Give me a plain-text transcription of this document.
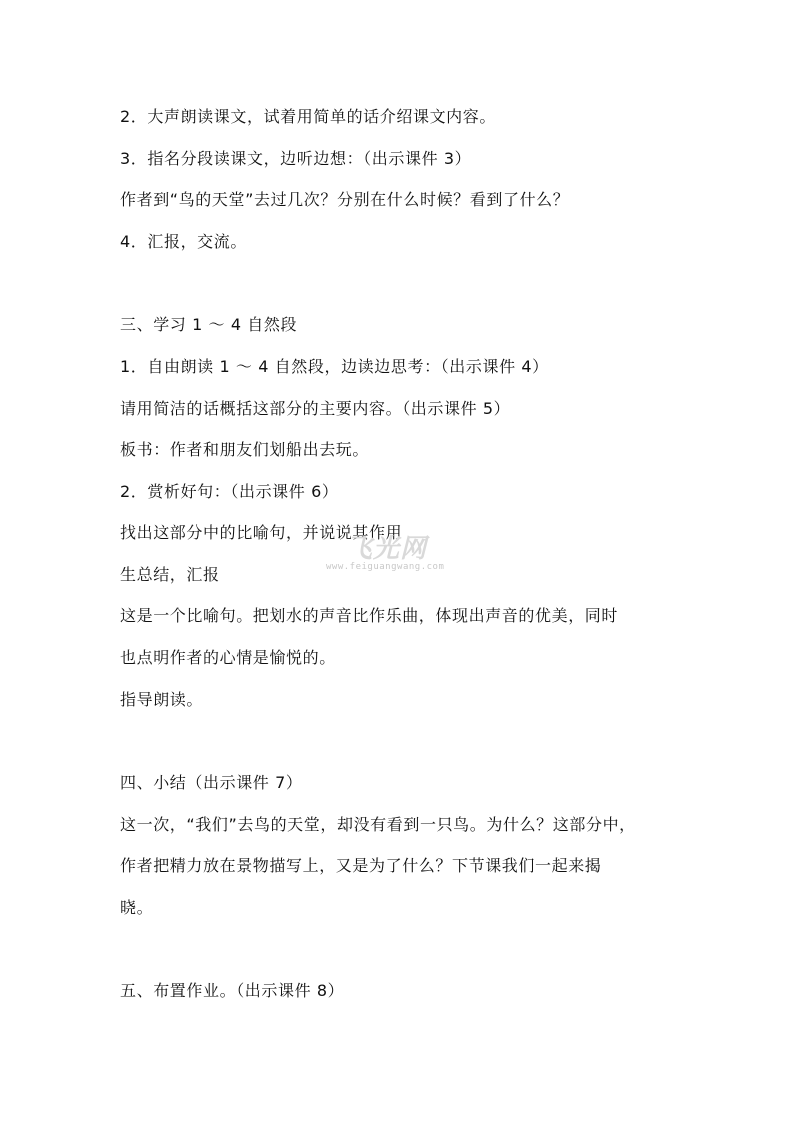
2．大声朗读课文，试着用简单的话介绍课文内容。
3．指名分段读课文，边听边想：（出示课件 3）
作者到“鸟的天堂”去过几次？分别在什么时候？看到了什么？
4．汇报，交流。
三、学习 1 ～ 4 自然段
1．自由朗读 1 ～ 4 自然段，边读边思考：（出示课件 4）
请用简洁的话概括这部分的主要内容。（出示课件 5）
板书：作者和朋友们划船出去玩。
2．赏析好句：（出示课件 6）
找出这部分中的比喻句，并说说其作用
生总结，汇报
这是一个比喻句。把划水的声音比作乐曲，体现出声音的优美，同时
也点明作者的心情是愉悦的。
指导朗读。
四、小结（出示课件 7）
这一次，“我们”去鸟的天堂，却没有看到一只鸟。为什么？这部分中，
作者把精力放在景物描写上，又是为了什么？下节课我们一起来揭
晓。
五、布置作业。（出示课件 8）
飞光网
www.feiguangwang.com
